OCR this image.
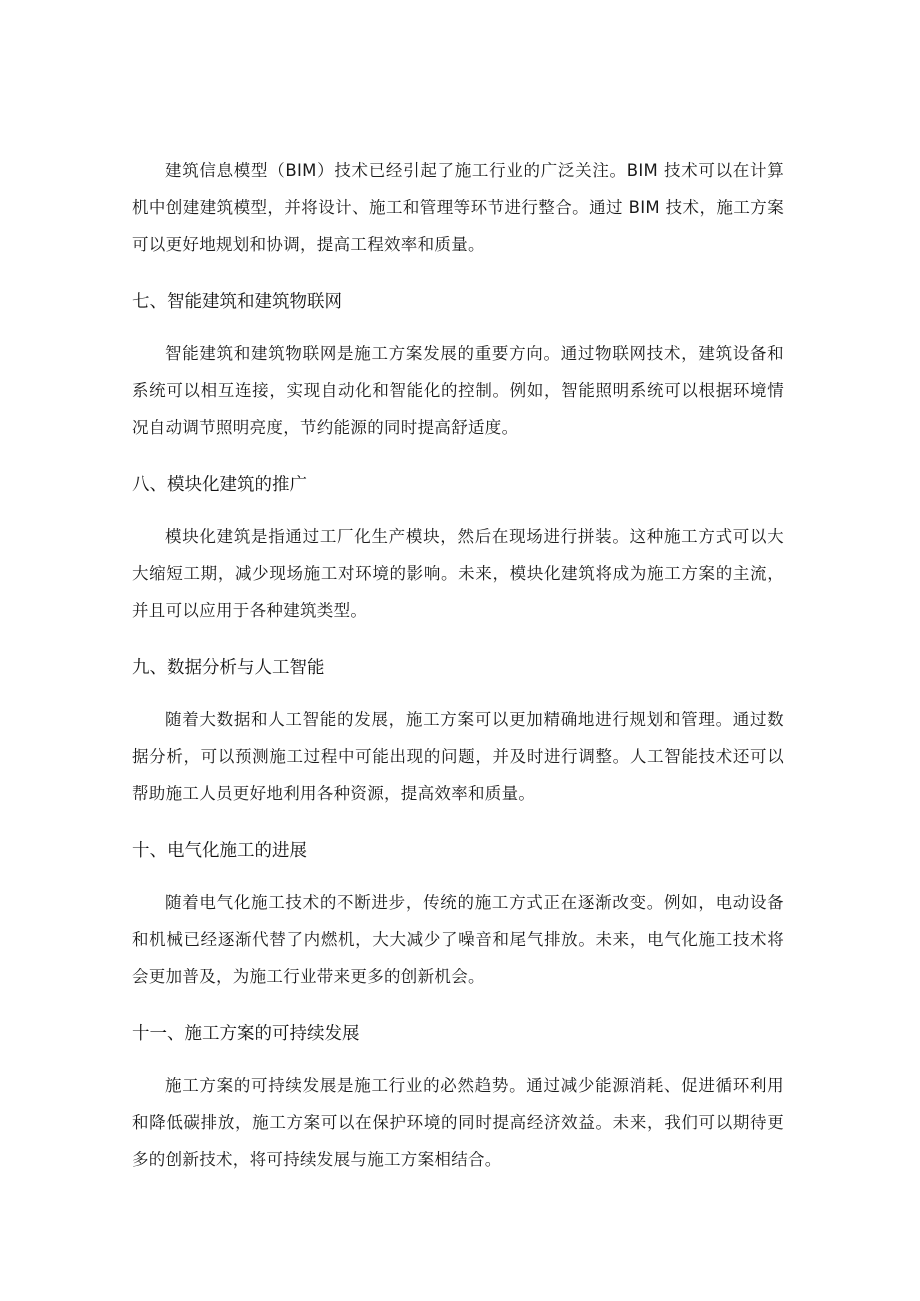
建筑信息模型（BIM）技术已经引起了施工行业的广泛关注。BIM 技术可以在计算机中创建建筑模型，并将设计、施工和管理等环节进行整合。通过 BIM 技术，施工方案可以更好地规划和协调，提高工程效率和质量。

七、智能建筑和建筑物联网

智能建筑和建筑物联网是施工方案发展的重要方向。通过物联网技术，建筑设备和系统可以相互连接，实现自动化和智能化的控制。例如，智能照明系统可以根据环境情况自动调节照明亮度，节约能源的同时提高舒适度。

八、模块化建筑的推广

模块化建筑是指通过工厂化生产模块，然后在现场进行拼装。这种施工方式可以大大缩短工期，减少现场施工对环境的影响。未来，模块化建筑将成为施工方案的主流，并且可以应用于各种建筑类型。

九、数据分析与人工智能

随着大数据和人工智能的发展，施工方案可以更加精确地进行规划和管理。通过数据分析，可以预测施工过程中可能出现的问题，并及时进行调整。人工智能技术还可以帮助施工人员更好地利用各种资源，提高效率和质量。

十、电气化施工的进展

随着电气化施工技术的不断进步，传统的施工方式正在逐渐改变。例如，电动设备和机械已经逐渐代替了内燃机，大大减少了噪音和尾气排放。未来，电气化施工技术将会更加普及，为施工行业带来更多的创新机会。

十一、施工方案的可持续发展

施工方案的可持续发展是施工行业的必然趋势。通过减少能源消耗、促进循环利用和降低碳排放，施工方案可以在保护环境的同时提高经济效益。未来，我们可以期待更多的创新技术，将可持续发展与施工方案相结合。
